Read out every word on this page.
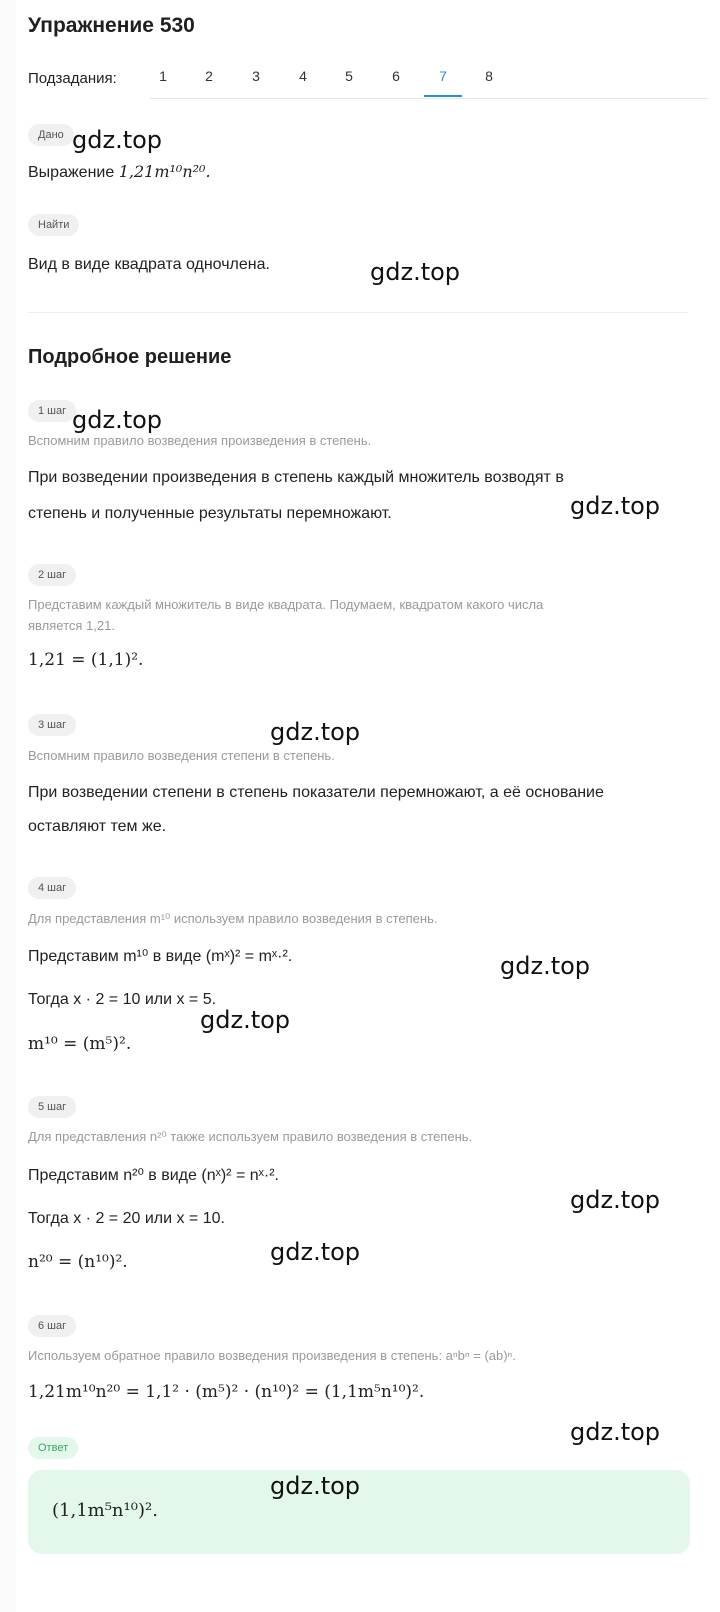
Упражнение 530
Подзадания:	1	2	3	4	5	6	7	8
Дано
Выражение 1,21m¹⁰n²⁰.
Найти
Вид в виде квадрата одночлена.
Подробное решение
1 шаг
Вспомним правило возведения произведения в степень.
При возведении произведения в степень каждый множитель возводят в
степень и полученные результаты перемножают.
2 шаг
Представим каждый множитель в виде квадрата. Подумаем, квадратом какого числа
является 1,21.
1,21 = (1,1)².
3 шаг
Вспомним правило возведения степени в степень.
При возведении степени в степень показатели перемножают, а её основание
оставляют тем же.
4 шаг
Для представления m¹⁰ используем правило возведения в степень.
Представим m¹⁰ в виде (mˣ)² = mˣ·².
Тогда x · 2 = 10 или x = 5.
m¹⁰ = (m⁵)².
5 шаг
Для представления n²⁰ также используем правило возведения в степень.
Представим n²⁰ в виде (nˣ)² = nˣ·².
Тогда x · 2 = 20 или x = 10.
n²⁰ = (n¹⁰)².
6 шаг
Используем обратное правило возведения произведения в степень: aⁿbⁿ = (ab)ⁿ.
1,21m¹⁰n²⁰ = 1,1² · (m⁵)² · (n¹⁰)² = (1,1m⁵n¹⁰)².
Ответ
(1,1m⁵n¹⁰)².
gdz.top
gdz.top
gdz.top
gdz.top
gdz.top
gdz.top
gdz.top
gdz.top
gdz.top
gdz.top
gdz.top
